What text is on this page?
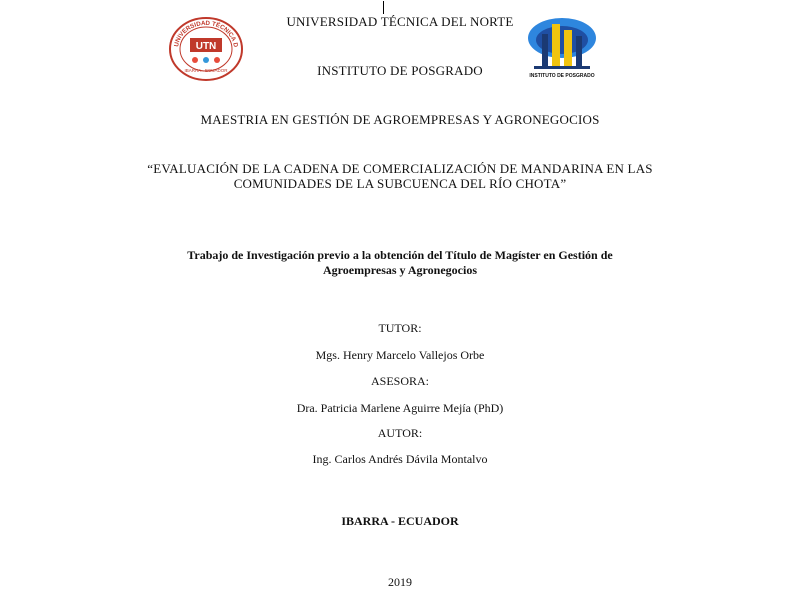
UNIVERSIDAD TÉCNICA D
UTN
IBARRA - ECUADOR
INSTITUTO DE POSGRADO
UNIVERSIDAD TÉCNICA DEL NORTE
INSTITUTO DE POSGRADO
MAESTRIA EN GESTIÓN DE AGROEMPRESAS Y AGRONEGOCIOS
“EVALUACIÓN DE LA CADENA DE COMERCIALIZACIÓN DE MANDARINA EN LAS
COMUNIDADES DE LA SUBCUENCA DEL RÍO CHOTA”
Trabajo de Investigación previo a la obtención del Título de Magíster en Gestión de
Agroempresas y Agronegocios
TUTOR:
Mgs. Henry Marcelo Vallejos Orbe
ASESORA:
Dra. Patricia Marlene Aguirre Mejía (PhD)
AUTOR:
Ing. Carlos Andrés Dávila Montalvo
IBARRA - ECUADOR
2019
